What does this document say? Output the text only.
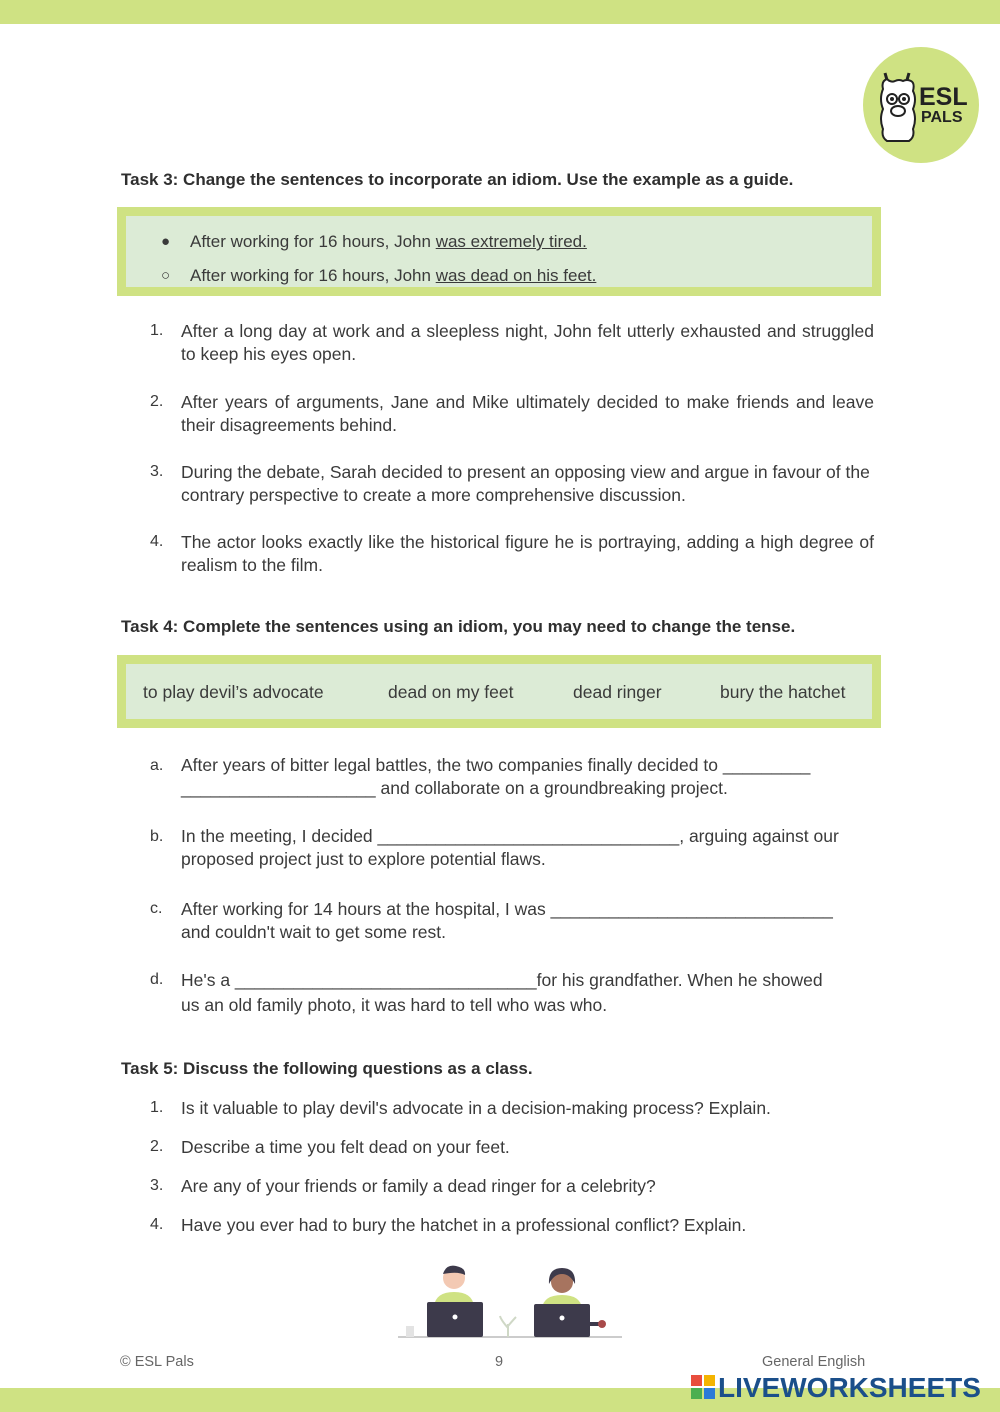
ESL
PALS
Task 3: Change the sentences to incorporate an idiom. Use the example as a guide.
● After working for 16 hours, John was extremely tired.
○ After working for 16 hours, John was dead on his feet.
1. After a long day at work and a sleepless night, John felt utterly exhausted and struggled to keep his eyes open.
2. After years of arguments, Jane and Mike ultimately decided to make friends and leave their disagreements behind.
3. During the debate, Sarah decided to present an opposing view and argue in favour of the contrary perspective to create a more comprehensive discussion.
4. The actor looks exactly like the historical figure he is portraying, adding a high degree of realism to the film.
Task 4: Complete the sentences using an idiom, you may need to change the tense.
to play devil’s advocate	dead on my feet	dead ringer	bury the hatchet
a. After years of bitter legal battles, the two companies finally decided to _________
____________________ and collaborate on a groundbreaking project.
b. In the meeting, I decided _______________________________, arguing against our
proposed project just to explore potential flaws.
c. After working for 14 hours at the hospital, I was _____________________________
and couldn't wait to get some rest.
d. He's a _______________________________for his grandfather. When he showed
us an old family photo, it was hard to tell who was who.
Task 5: Discuss the following questions as a class.
1. Is it valuable to play devil's advocate in a decision-making process? Explain.
2. Describe a time you felt dead on your feet.
3. Are any of your friends or family a dead ringer for a celebrity?
4. Have you ever had to bury the hatchet in a professional conflict? Explain.
© ESL Pals	9	General English
LIVEWORKSHEETS
